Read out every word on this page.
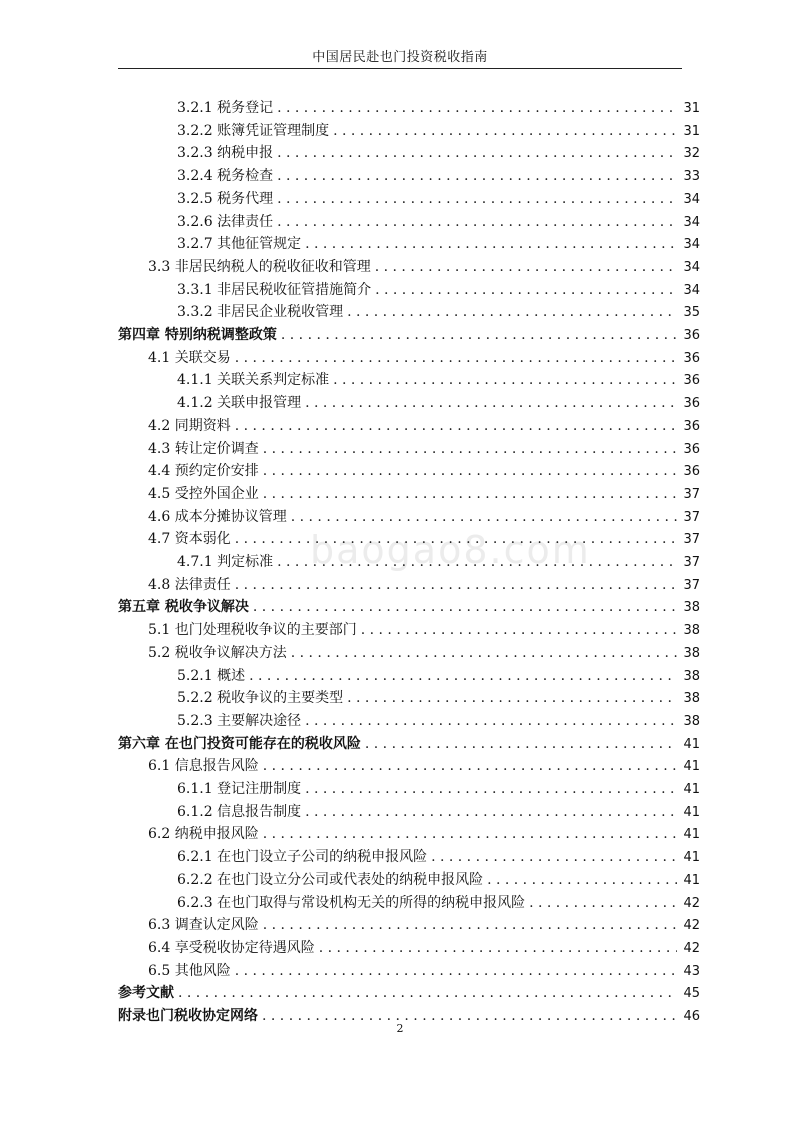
中国居民赴也门投资税收指南
baogao8.com
3.2.1 税务登记 . . .	31
3.2.2 账簿凭证管理制度 . . .	31
3.2.3 纳税申报 . . .	32
3.2.4 税务检查 . . .	33
3.2.5 税务代理 . . .	34
3.2.6 法律责任 . . .	34
3.2.7 其他征管规定 . . .	34
3.3 非居民纳税人的税收征收和管理 . . .	34
3.3.1 非居民税收征管措施简介 . . .	34
3.3.2 非居民企业税收管理 . . .	35
第四章 特别纳税调整政策 . . .	36
4.1 关联交易 . . .	36
4.1.1 关联关系判定标准 . . .	36
4.1.2 关联申报管理 . . .	36
4.2 同期资料 . . .	36
4.3 转让定价调查 . . .	36
4.4 预约定价安排 . . .	36
4.5 受控外国企业 . . .	37
4.6 成本分摊协议管理 . . .	37
4.7 资本弱化 . . .	37
4.7.1 判定标准 . . .	37
4.8 法律责任 . . .	37
第五章 税收争议解决 . . .	38
5.1 也门处理税收争议的主要部门 . . .	38
5.2 税收争议解决方法 . . .	38
5.2.1 概述 . . .	38
5.2.2 税收争议的主要类型 . . .	38
5.2.3 主要解决途径 . . .	38
第六章 在也门投资可能存在的税收风险 . . .	41
6.1 信息报告风险 . . .	41
6.1.1 登记注册制度 . . .	41
6.1.2 信息报告制度 . . .	41
6.2 纳税申报风险 . . .	41
6.2.1 在也门设立子公司的纳税申报风险 . . .	41
6.2.2 在也门设立分公司或代表处的纳税申报风险 . . .	41
6.2.3 在也门取得与常设机构无关的所得的纳税申报风险 . . .	42
6.3 调查认定风险 . . .	42
6.4 享受税收协定待遇风险 . . .	42
6.5 其他风险 . . .	43
参考文献 . . .	45
附录也门税收协定网络 . . .	46
2
